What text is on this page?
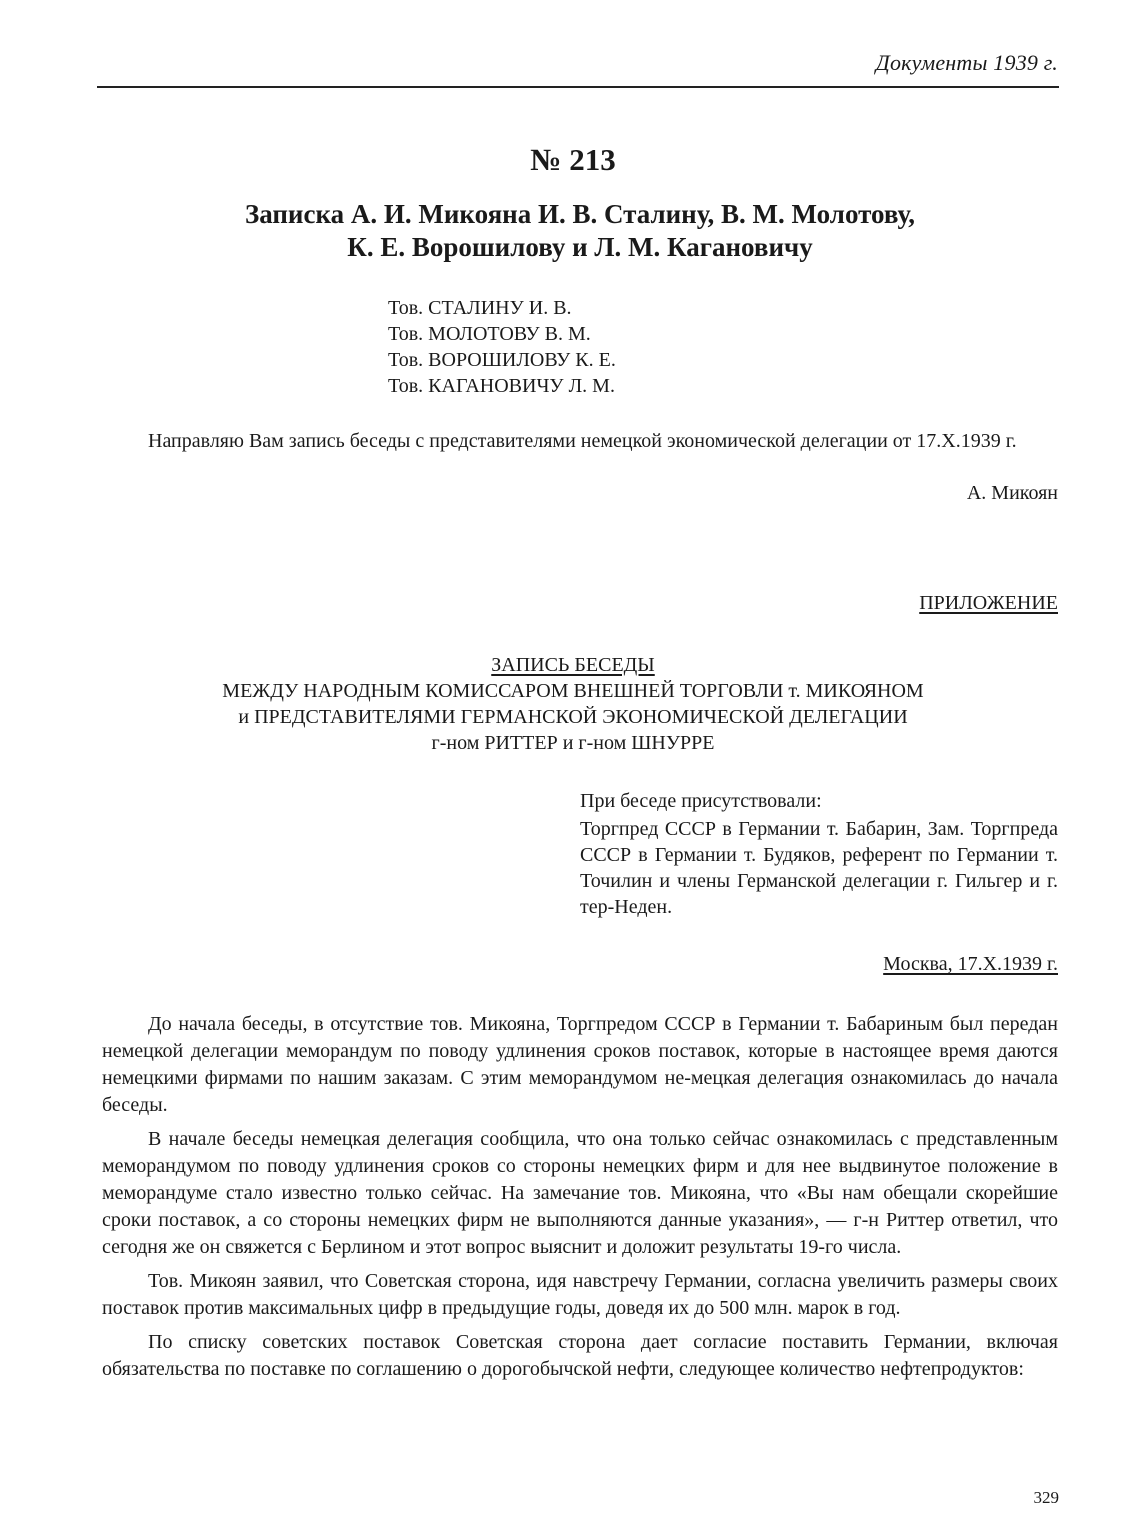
Документы 1939 г.
№ 213
Записка А. И. Микояна И. В. Сталину, В. М. Молотову,
К. Е. Ворошилову и Л. М. Кагановичу
Тов. СТАЛИНУ И. В.
Тов. МОЛОТОВУ В. М.
Тов. ВОРОШИЛОВУ К. Е.
Тов. КАГАНОВИЧУ Л. М.
Направляю Вам запись беседы с представителями немецкой экономической делегации от 17.X.1939 г.
А. Микоян
ПРИЛОЖЕНИЕ
ЗАПИСЬ БЕСЕДЫ
МЕЖДУ НАРОДНЫМ КОМИССАРОМ ВНЕШНЕЙ ТОРГОВЛИ т. МИКОЯНОМ
и ПРЕДСТАВИТЕЛЯМИ ГЕРМАНСКОЙ ЭКОНОМИЧЕСКОЙ ДЕЛЕГАЦИИ
г-ном РИТТЕР и г-ном ШНУРРЕ
При беседе присутствовали:
Торгпред СССР в Германии т. Бабарин, Зам. Торгпреда СССР в Германии т. Будяков, референт по Германии т. Точилин и члены Германской делегации г. Гильгер и г. тер-Неден.
Москва, 17.X.1939 г.

До начала беседы, в отсутствие тов. Микояна, Торгпредом СССР в Германии т. Бабариным был передан немецкой делегации меморандум по поводу удлинения сроков поставок, которые в настоящее время даются немецкими фирмами по нашим заказам. С этим меморандумом не-мецкая делегация ознакомилась до начала беседы.

В начале беседы немецкая делегация сообщила, что она только сейчас ознакомилась с представленным меморандумом по поводу удлинения сроков со стороны немецких фирм и для нее выдвинутое положение в меморандуме стало известно только сейчас. На замечание тов. Микояна, что «Вы нам обещали скорейшие сроки поставок, а со стороны немецких фирм не выполняются данные указания», — г-н Риттер ответил, что сегодня же он свяжется с Берлином и этот вопрос выяснит и доложит результаты 19-го числа.

Тов. Микоян заявил, что Советская сторона, идя навстречу Германии, согласна увеличить размеры своих поставок против максимальных цифр в предыдущие годы, доведя их до 500 млн. марок в год.

По списку советских поставок Советская сторона дает согласие поставить Германии, включая обязательства по поставке по соглашению о дорогобычской нефти, следующее количество нефтепродуктов:

329
